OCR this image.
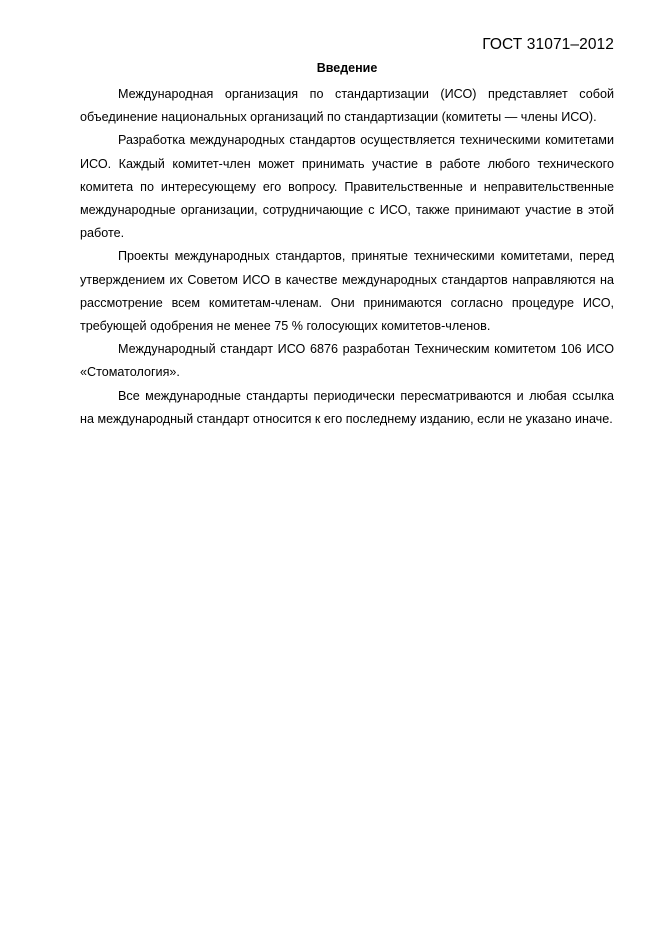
ГОСТ 31071–2012

Введение

Международная организация по стандартизации (ИСО) представляет собой объединение национальных организаций по стандартизации (комитеты — члены ИСО).

Разработка международных стандартов осуществляется техническими комитетами ИСО. Каждый комитет-член может принимать участие в работе любого технического комитета по интересующему его вопросу. Правительственные и неправительственные международные организации, сотрудничающие с ИСО, также принимают участие в этой работе.

Проекты международных стандартов, принятые техническими комитетами, перед утверждением их Советом ИСО в качестве международных стандартов направляются на рассмотрение всем комитетам-членам. Они принимаются согласно процедуре ИСО, требующей одобрения не менее 75 % голосующих комитетов-членов.

Международный стандарт ИСО 6876 разработан Техническим комитетом 106 ИСО «Стоматология».

Все международные стандарты периодически пересматриваются и любая ссылка на международный стандарт относится к его последнему изданию, если не указано иначе.
